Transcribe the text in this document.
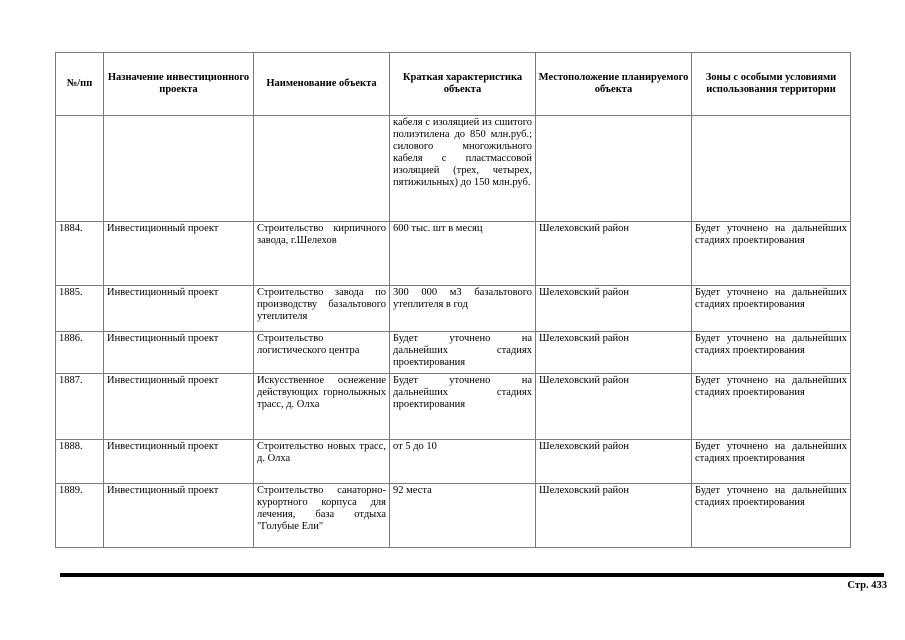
№/пп	Назначение инвестиционного проекта	Наименование объекта	Краткая характеристика объекта	Местоположение планируемого объекта	Зоны с особыми условиями использования территории
			кабеля с изоляцией из сшитого полиэтилена до 850 млн.руб.; силового многожильного кабеля с пластмассовой изоляцией (трех, четырех, пятижильных) до 150 млн.руб.		
1884.	Инвестиционный проект	Строительство кирпичного завода, г.Шелехов	600 тыс. шт в месяц	Шелеховский район	Будет уточнено на дальнейших стадиях проектирования
1885.	Инвестиционный проект	Строительство завода по производству базальтового утеплителя	300 000 м3 базальтового утеплителя в год	Шелеховский район	Будет уточнено на дальнейших стадиях проектирования
1886.	Инвестиционный проект	Строительство логистического центра	Будет уточнено на дальнейших стадиях проектирования	Шелеховский район	Будет уточнено на дальнейших стадиях проектирования
1887.	Инвестиционный проект	Искусственное оснежение действующих горнолыжных трасс, д. Олха	Будет уточнено на дальнейших стадиях проектирования	Шелеховский район	Будет уточнено на дальнейших стадиях проектирования
1888.	Инвестиционный проект	Строительство новых трасс, д. Олха	от 5 до 10	Шелеховский район	Будет уточнено на дальнейших стадиях проектирования
1889.	Инвестиционный проект	Строительство санаторно-курортного корпуса для лечения, база отдыха "Голубые Ели"	92 места	Шелеховский район	Будет уточнено на дальнейших стадиях проектирования
Стр. 433
